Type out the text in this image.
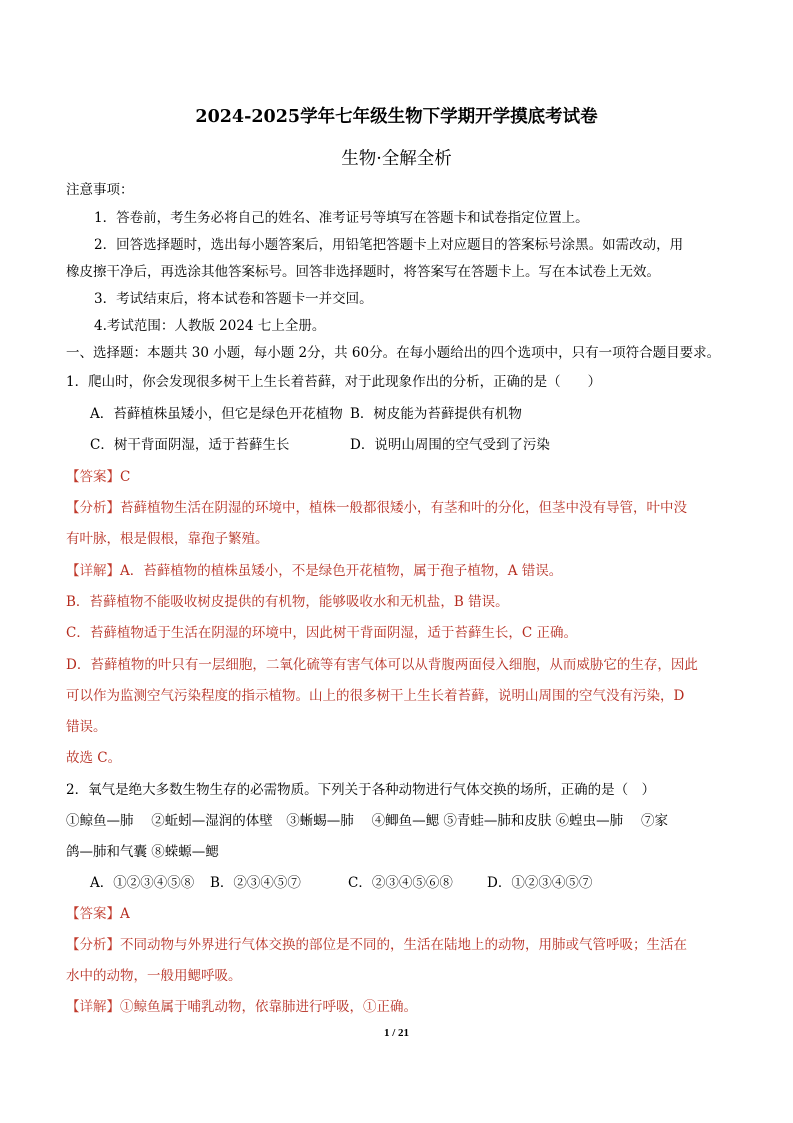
2024-2025学年七年级生物下学期开学摸底考试卷
生物·全解全析
注意事项：
1．答卷前，考生务必将自己的姓名、准考证号等填写在答题卡和试卷指定位置上。
2．回答选择题时，选出每小题答案后，用铅笔把答题卡上对应题目的答案标号涂黑。如需改动，用
橡皮擦干净后，再选涂其他答案标号。回答非选择题时，将答案写在答题卡上。写在本试卷上无效。
3．考试结束后，将本试卷和答题卡一并交回。
4.考试范围：人教版 2024 七上全册。
一、选择题：本题共 30 小题，每小题 2分，共 60分。在每小题给出的四个选项中，只有一项符合题目要求。
1．爬山时，你会发现很多树干上生长着苔藓，对于此现象作出的分析，正确的是（　　）
A．苔藓植株虽矮小，但它是绿色开花植物 B．树皮能为苔藓提供有机物
C．树干背面阴湿，适于苔藓生长	D．说明山周围的空气受到了污染
【答案】C
【分析】苔藓植物生活在阴湿的环境中，植株一般都很矮小，有茎和叶的分化，但茎中没有导管，叶中没
有叶脉，根是假根，靠孢子繁殖。
【详解】A．苔藓植物的植株虽矮小，不是绿色开花植物，属于孢子植物，A 错误。
B．苔藓植物不能吸收树皮提供的有机物，能够吸收水和无机盐，B 错误。
C．苔藓植物适于生活在阴湿的环境中，因此树干背面阴湿，适于苔藓生长，C 正确。
D．苔藓植物的叶只有一层细胞，二氧化硫等有害气体可以从背腹两面侵入细胞，从而威胁它的生存，因此
可以作为监测空气污染程度的指示植物。山上的很多树干上生长着苔藓，说明山周围的空气没有污染，D
错误。
故选 C。
2．氧气是绝大多数生物生存的必需物质。下列关于各种动物进行气体交换的场所，正确的是（　）
①鲸鱼—肺　 ②蚯蚓—湿润的体壁　③蜥蜴—肺　 ④鲫鱼—鳃 ⑤青蛙—肺和皮肤 ⑥蝗虫—肺　 ⑦家
鸽—肺和气囊 ⑧蝾螈—鳃
A．①②③④⑤⑧ B．②③④⑤⑦	C．②③④⑤⑥⑧	D．①②③④⑤⑦
【答案】A
【分析】不同动物与外界进行气体交换的部位是不同的，生活在陆地上的动物，用肺或气管呼吸；生活在
水中的动物，一般用鳃呼吸。
【详解】①鲸鱼属于哺乳动物，依靠肺进行呼吸，①正确。
1 / 21
